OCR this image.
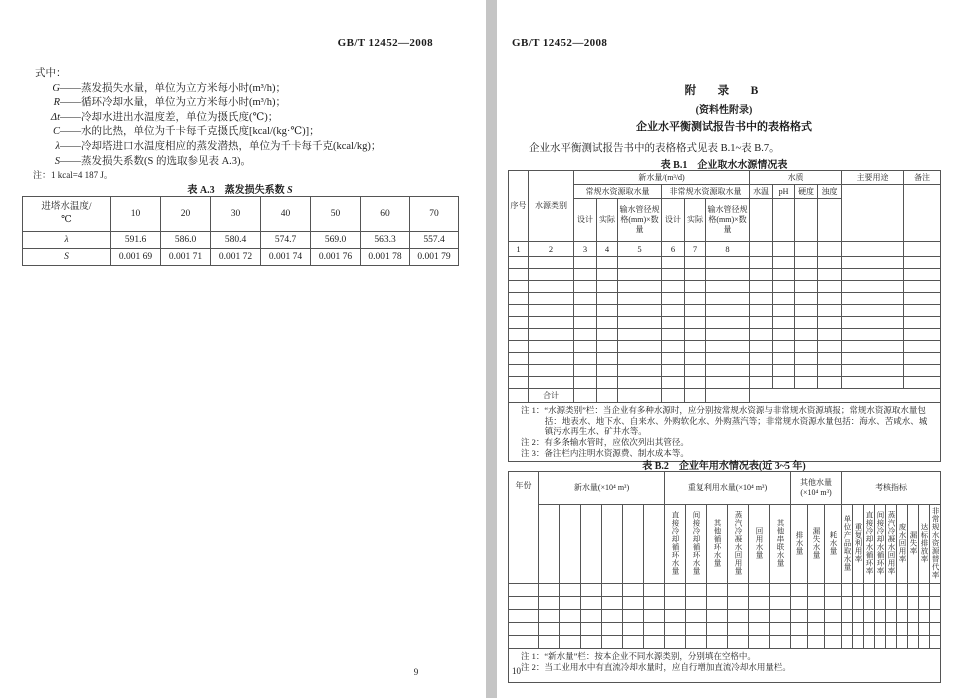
GB/T 12452—2008
式中：
G ——蒸发损失水量，单位为立方米每小时(m³/h)；
R ——循环冷却水量，单位为立方米每小时(m³/h)；
Δt ——冷却水进出水温度差，单位为摄氏度(℃)；
C ——水的比热，单位为千卡每千克摄氏度[kcal/(kg·℃)]；
λ ——冷却塔进口水温度相应的蒸发潜热，单位为千卡每千克(kcal/kg)；
S ——蒸发损失系数(S 的选取参见表 A.3)。
注：1 kcal=4 187 J。
表 A.3　蒸发损失系数 S
进塔水温度/
℃	10	20	30	40	50	60	70
λ	591.6	586.0	580.4	574.7	569.0	563.3	557.4
S	0.001 69	0.001 71	0.001 72	0.001 74	0.001 76	0.001 78	0.001 79
9
GB/T 12452—2008
附　录　B
(资料性附录)
企业水平衡测试报告书中的表格格式
企业水平衡测试报告书中的表格格式见表 B.1~表 B.7。
表 B.1　企业取水水源情况表
序号	水源类别	新水量/(m³/d)						水质				主要用途	备注
		常规水资源取水量			非常规水资源取水量			水温	pH	硬度	浊度		
		设计	实际	输水管径规格(mm)×数量	设计	实际	输水管径规格(mm)×数量						
1	2	3	4	5	6	7	8						

	合计												

注 1：“水源类别”栏：当企业有多种水源时，应分别按常规水资源与非常规水资源填报；常规水资源取水量包括：地表水、地下水、自来水、外购软化水、外购蒸汽等；非常规水资源水量包括：海水、苦咸水、城镇污水再生水、矿井水等。

注 2：有多条输水管时，应依次列出其管径。

注 3：备注栏内注明水资源费、制水成本等。													

表 B.2　企业年用水情况表(近 3~5 年)
年份	新水量(×10⁴ m³)						重复利用水量(×10⁴ m³)						其他水量 (×10⁴ m³)			考核指标								
							直接冷却循环水量	间接冷却循环水量	其他循环水量	蒸汽冷凝水回用量	回用水量	其他串联水量	排水量	漏失水量	耗水量	单位产品取水量	重复利用率	直接冷却水循环率	间接冷却水循环率	蒸汽冷凝水回用率	废水回用率	漏失率	达标排放率	非常规水资源替代率

注 1：“新水量”栏：按本企业不同水源类别，分别填在空格中。

注 2：当工业用水中有直流冷却水量时，应自行增加直流冷却水用量栏。																								

10
